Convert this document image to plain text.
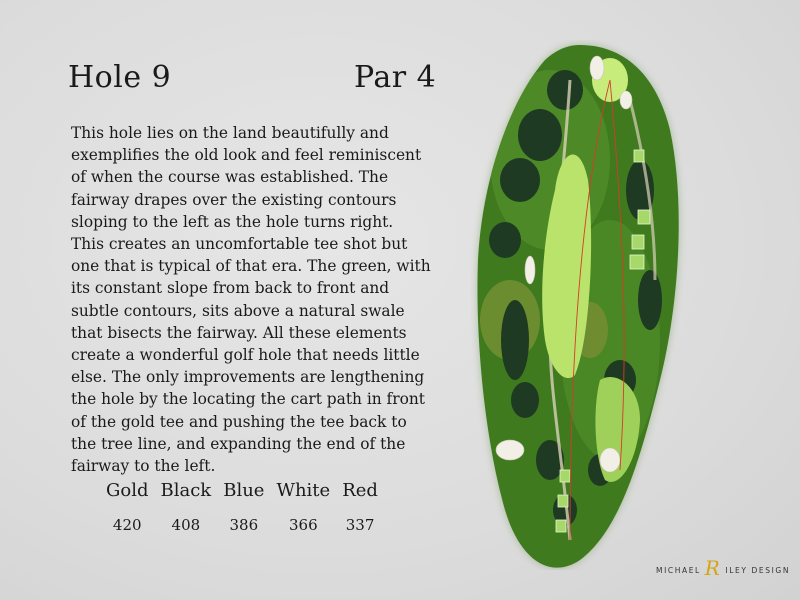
Hole 9	Par 4
This hole lies on the land beautifully and exemplifies the old look and feel reminiscent of when the course was established. The fairway drapes over the existing contours sloping to the left as the hole turns right. This creates an uncomfortable tee shot but one that is typical of that era. The green, with its constant slope from back to front and subtle contours, sits above a natural swale that bisects the fairway. All these elements create a wonderful golf hole that needs little else. The only improvements are lengthening the hole by the locating the cart path in front of the gold tee and pushing the tee back to the tree line, and expanding the end of the fairway to the left.
Gold	Black	Blue	White	Red
420	408	386	366	337
MICHAEL R ILEY DESIGN
